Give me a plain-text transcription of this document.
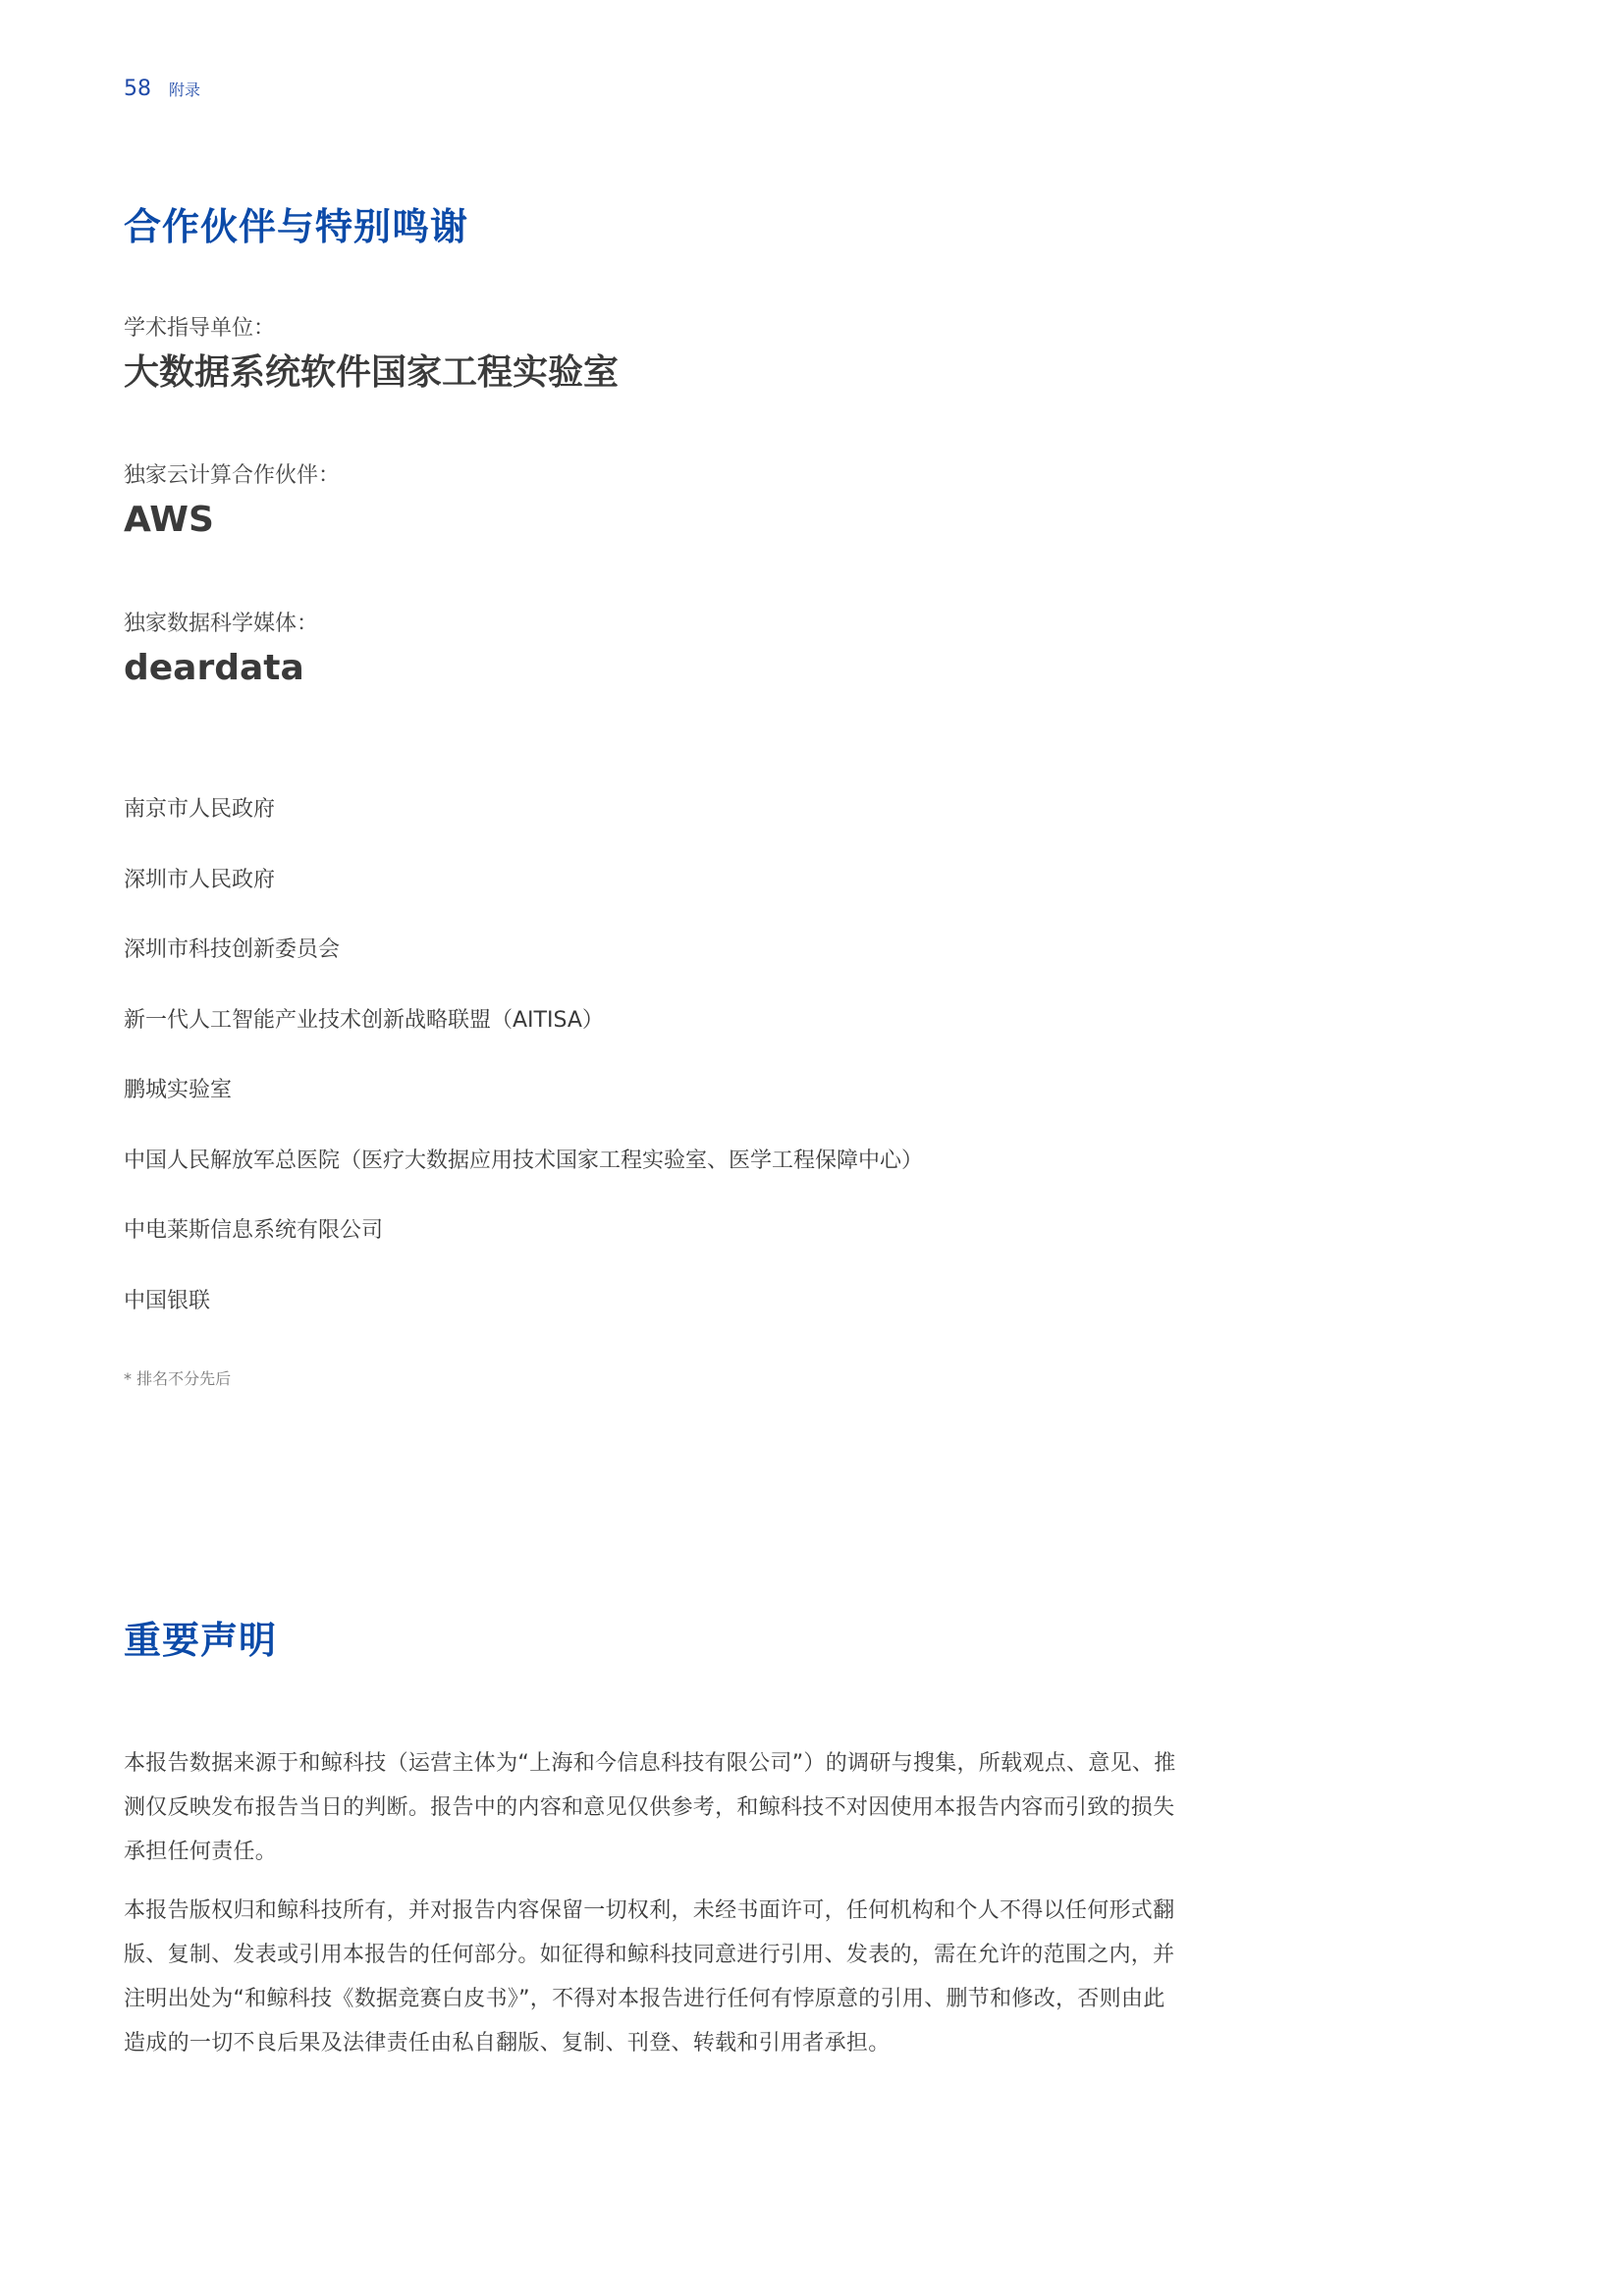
58 附录
合作伙伴与特别鸣谢
学术指导单位：
大数据系统软件国家工程实验室
独家云计算合作伙伴：
AWS
独家数据科学媒体：
deardata
南京市人民政府
深圳市人民政府
深圳市科技创新委员会
新一代人工智能产业技术创新战略联盟（AITISA）
鹏城实验室
中国人民解放军总医院（医疗大数据应用技术国家工程实验室、医学工程保障中心）
中电莱斯信息系统有限公司
中国银联
* 排名不分先后
重要声明

本报告数据来源于和鲸科技（运营主体为“上海和今信息科技有限公司”）的调研与搜集，所载观点、意见、推测仅反映发布报告当日的判断。报告中的内容和意见仅供参考，和鲸科技不对因使用本报告内容而引致的损失承担任何责任。

本报告版权归和鲸科技所有，并对报告内容保留一切权利，未经书面许可，任何机构和个人不得以任何形式翻版、复制、发表或引用本报告的任何部分。如征得和鲸科技同意进行引用、发表的，需在允许的范围之内，并注明出处为“和鲸科技《数据竞赛白皮书》”，不得对本报告进行任何有悖原意的引用、删节和修改，否则由此造成的一切不良后果及法律责任由私自翻版、复制、刊登、转载和引用者承担。
